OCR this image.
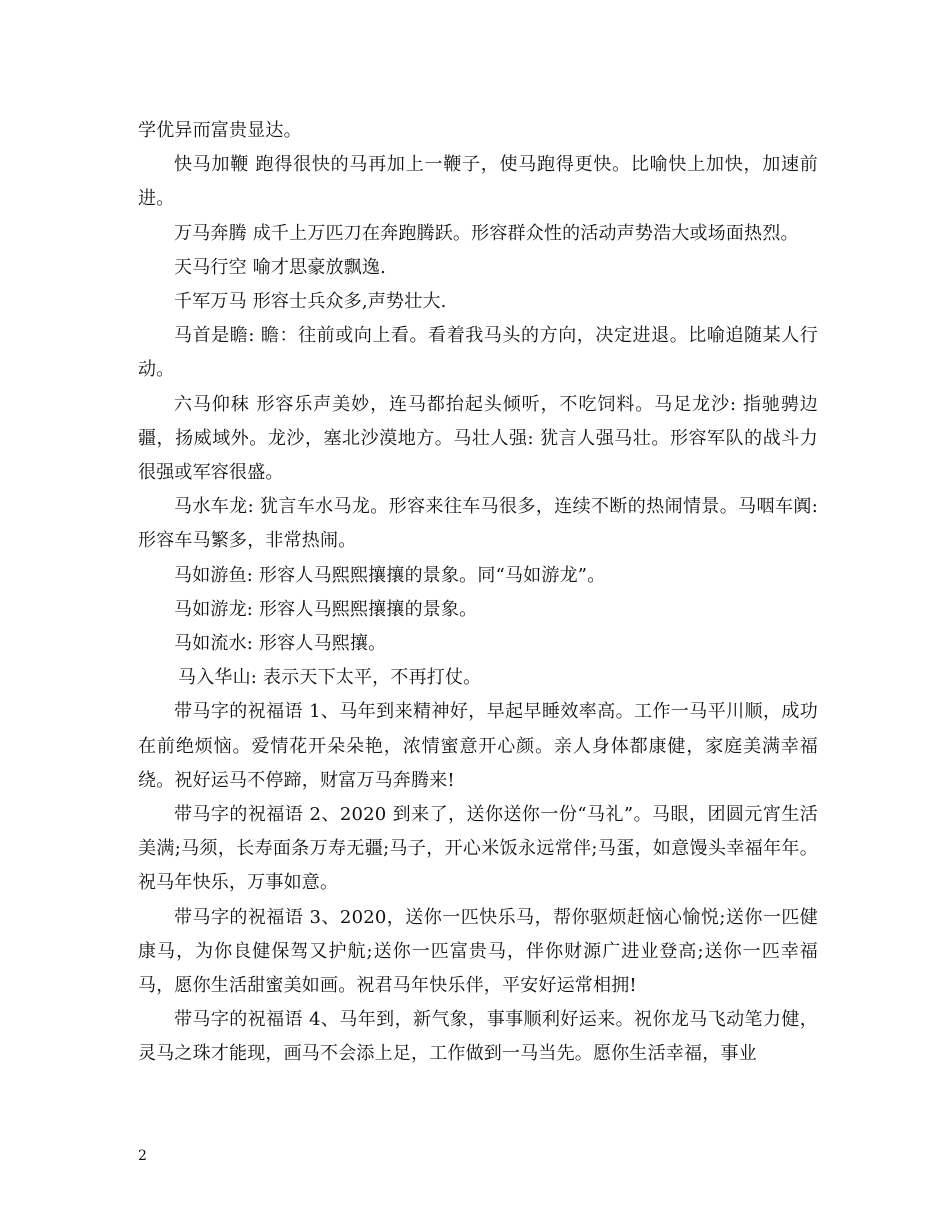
学优异而富贵显达。

快马加鞭 跑得很快的马再加上一鞭子，使马跑得更快。比喻快上加快，加速前进。

万马奔腾 成千上万匹刀在奔跑腾跃。形容群众性的活动声势浩大或场面热烈。

天马行空 喻才思豪放飘逸.

千军万马 形容士兵众多,声势壮大.

马首是瞻: 瞻：往前或向上看。看着我马头的方向，决定进退。比喻追随某人行动。

六马仰秣 形容乐声美妙，连马都抬起头倾听，不吃饲料。马足龙沙: 指驰骋边疆，扬威域外。龙沙，塞北沙漠地方。马壮人强: 犹言人强马壮。形容军队的战斗力很强或军容很盛。

马水车龙: 犹言车水马龙。形容来往车马很多，连续不断的热闹情景。马咽车阗: 形容车马繁多，非常热闹。

马如游鱼: 形容人马熙熙攘攘的景象。同“马如游龙”。

马如游龙: 形容人马熙熙攘攘的景象。

马如流水: 形容人马熙攘。

马入华山: 表示天下太平，不再打仗。

带马字的祝福语 1、马年到来精神好，早起早睡效率高。工作一马平川顺，成功在前绝烦恼。爱情花开朵朵艳，浓情蜜意开心颜。亲人身体都康健，家庭美满幸福绕。祝好运马不停蹄，财富万马奔腾来!

带马字的祝福语 2、2020 到来了，送你送你一份“马礼”。马眼，团圆元宵生活美满;马须，长寿面条万寿无疆;马子，开心米饭永远常伴;马蛋，如意馒头幸福年年。祝马年快乐，万事如意。

带马字的祝福语 3、2020，送你一匹快乐马，帮你驱烦赶恼心愉悦;送你一匹健康马，为你良健保驾又护航;送你一匹富贵马，伴你财源广进业登高;送你一匹幸福马，愿你生活甜蜜美如画。祝君马年快乐伴，平安好运常相拥!

带马字的祝福语 4、马年到，新气象，事事顺利好运来。祝你龙马飞动笔力健，灵马之珠才能现，画马不会添上足，工作做到一马当先。愿你生活幸福，事业

2
